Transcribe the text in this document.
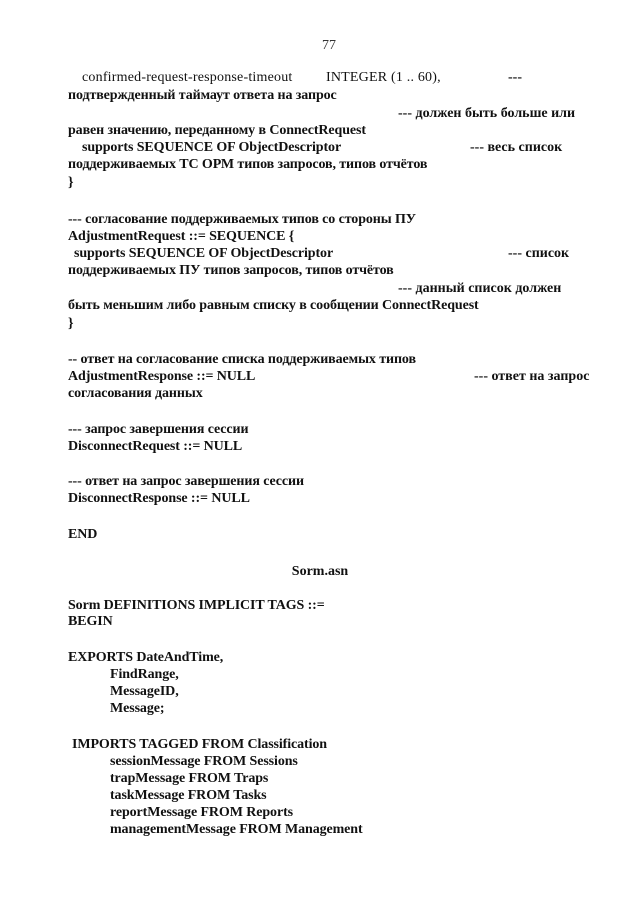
77
confirmed-request-response-timeout INTEGER (1 .. 60),	---
подтвержденный таймаут ответа на запрос
--- должен быть больше или
равен значению, переданному в ConnectRequest
supports SEQUENCE OF ObjectDescriptor	--- весь список
поддерживаемых ТС ОРМ типов запросов, типов отчётов
}
--- согласование поддерживаемых типов со стороны ПУ
AdjustmentRequest ::= SEQUENCE {
supports SEQUENCE OF ObjectDescriptor	--- список
поддерживаемых ПУ типов запросов, типов отчётов
--- данный список должен
быть меньшим либо равным списку в сообщении ConnectRequest
}
-- ответ на согласование списка поддерживаемых типов
AdjustmentResponse ::= NULL	--- ответ на запрос
согласования данных
--- запрос завершения сессии
DisconnectRequest ::= NULL
--- ответ на запрос завершения сессии
DisconnectResponse ::= NULL
END
Sorm.asn
Sorm DEFINITIONS IMPLICIT TAGS ::=
BEGIN
EXPORTS DateAndTime,
FindRange,
MessageID,
Message;
IMPORTS TAGGED FROM Classification
sessionMessage FROM Sessions
trapMessage FROM Traps
taskMessage FROM Tasks
reportMessage FROM Reports
managementMessage FROM Management
